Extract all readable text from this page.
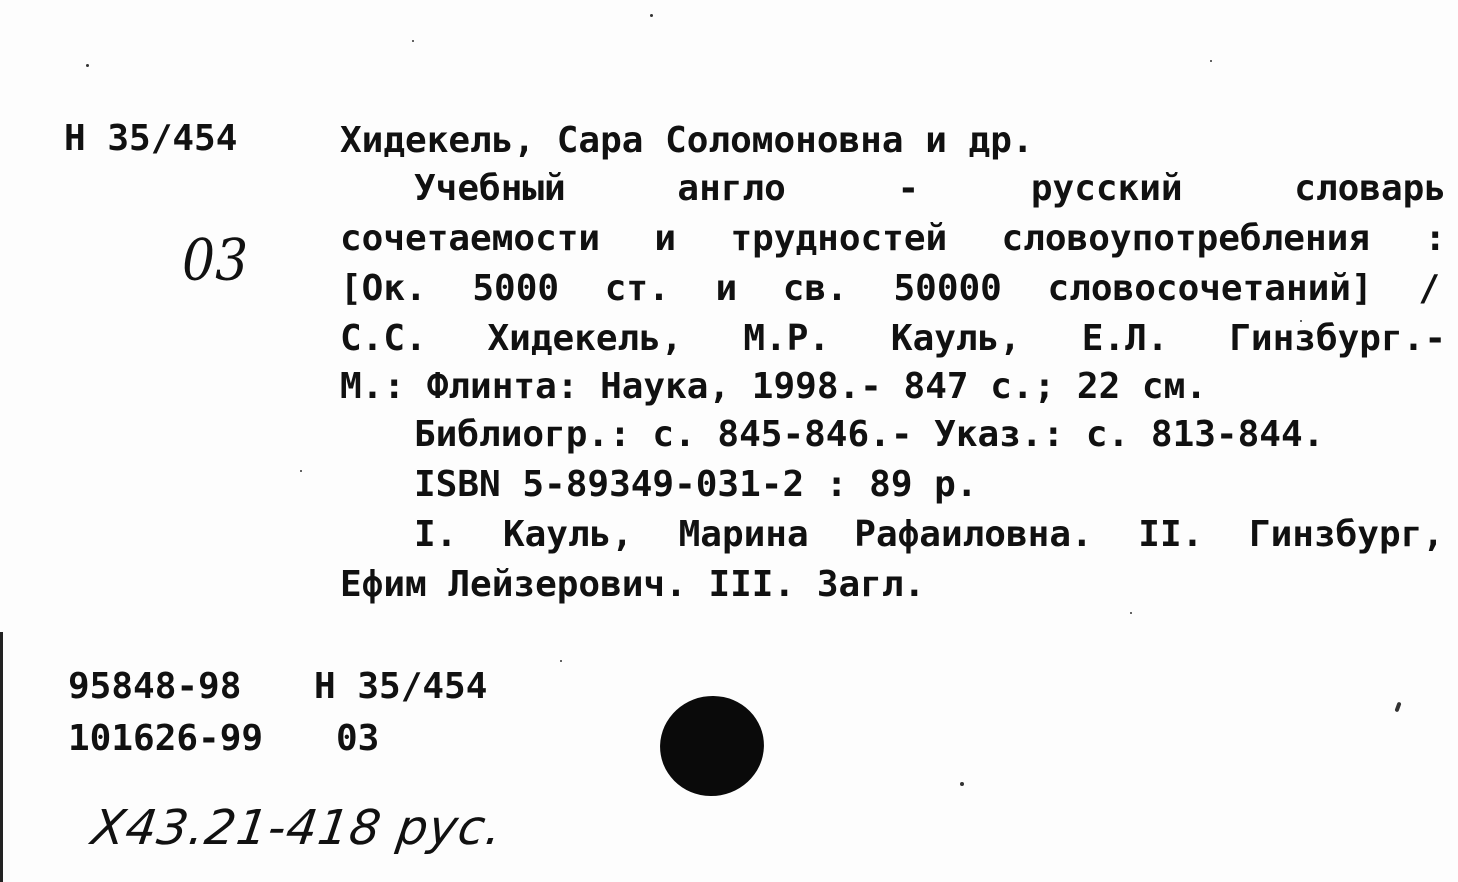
Н 35/454
03
Хидекель, Сара Соломоновна и др.
Учебный англо - русский словарь
сочетаемости и трудностей словоупотребления :
[Ок. 5000 ст. и св. 50000 словосочетаний] /
С.С. Хидекель, М.Р. Кауль, Е.Л. Гинзбург.-
М.: Флинта: Наука, 1998.- 847 с.; 22 см.
Библиогр.: с. 845-846.- Указ.: с. 813-844.
ISBN 5-89349-031-2 : 89 р.
I. Кауль, Марина Рафаиловна. II. Гинзбург,
Ефим Лейзерович. III. Загл.
95848-98 Н 35/454
101626-99 03
Х43.21-418 рус.
